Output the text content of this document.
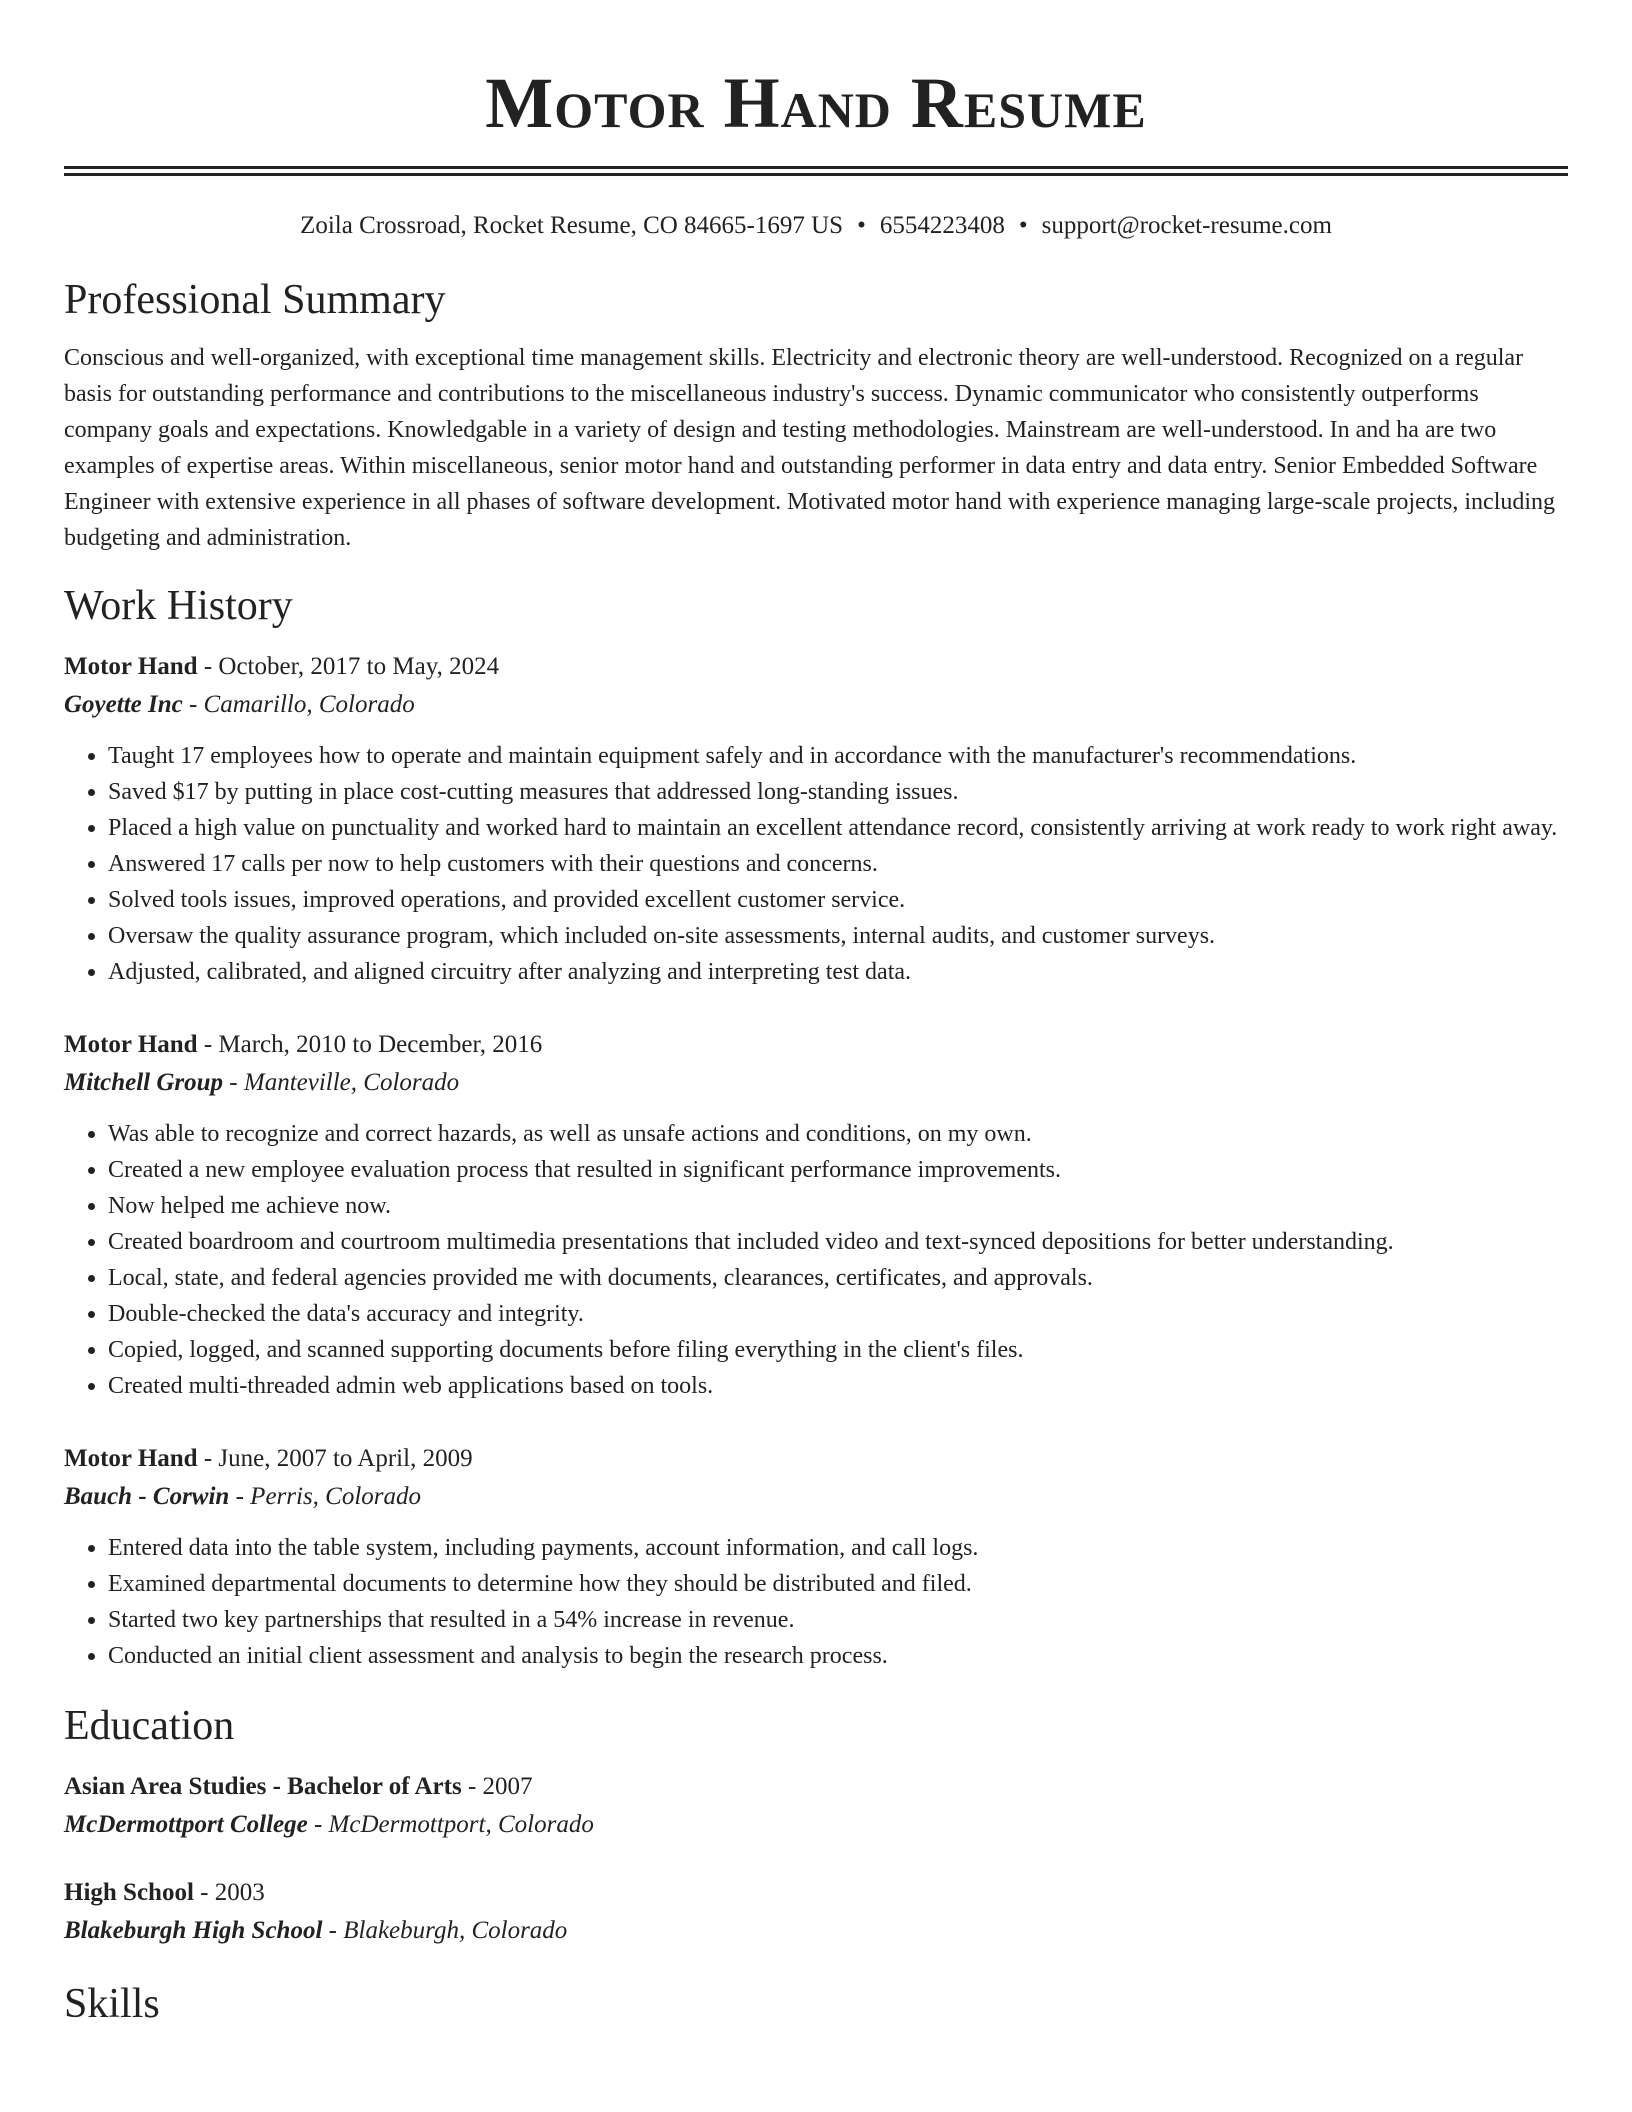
Motor Hand Resume
Zoila Crossroad, Rocket Resume, CO 84665-1697 US • 6554223408 • support@rocket-resume.com
Professional Summary

Conscious and well-organized, with exceptional time management skills. Electricity and electronic theory are well-understood. Recognized on a regular basis for outstanding performance and contributions to the miscellaneous industry's success. Dynamic communicator who consistently outperforms company goals and expectations. Knowledgable in a variety of design and testing methodologies. Mainstream are well-understood. In and ha are two examples of expertise areas. Within miscellaneous, senior motor hand and outstanding performer in data entry and data entry. Senior Embedded Software Engineer with extensive experience in all phases of software development. Motivated motor hand with experience managing large-scale projects, including budgeting and administration.

Work History
Motor Hand - October, 2017 to May, 2024
Goyette Inc - Camarillo, Colorado
• Taught 17 employees how to operate and maintain equipment safely and in accordance with the manufacturer's recommendations.
• Saved $17 by putting in place cost-cutting measures that addressed long-standing issues.
• Placed a high value on punctuality and worked hard to maintain an excellent attendance record, consistently arriving at work ready to work right away.
• Answered 17 calls per now to help customers with their questions and concerns.
• Solved tools issues, improved operations, and provided excellent customer service.
• Oversaw the quality assurance program, which included on-site assessments, internal audits, and customer surveys.
• Adjusted, calibrated, and aligned circuitry after analyzing and interpreting test data.
Motor Hand - March, 2010 to December, 2016
Mitchell Group - Manteville, Colorado
• Was able to recognize and correct hazards, as well as unsafe actions and conditions, on my own.
• Created a new employee evaluation process that resulted in significant performance improvements.
• Now helped me achieve now.
• Created boardroom and courtroom multimedia presentations that included video and text-synced depositions for better understanding.
• Local, state, and federal agencies provided me with documents, clearances, certificates, and approvals.
• Double-checked the data's accuracy and integrity.
• Copied, logged, and scanned supporting documents before filing everything in the client's files.
• Created multi-threaded admin web applications based on tools.
Motor Hand - June, 2007 to April, 2009
Bauch - Corwin - Perris, Colorado
• Entered data into the table system, including payments, account information, and call logs.
• Examined departmental documents to determine how they should be distributed and filed.
• Started two key partnerships that resulted in a 54% increase in revenue.
• Conducted an initial client assessment and analysis to begin the research process.
Education
Asian Area Studies - Bachelor of Arts - 2007
McDermottport College - McDermottport, Colorado
High School - 2003
Blakeburgh High School - Blakeburgh, Colorado
Skills
